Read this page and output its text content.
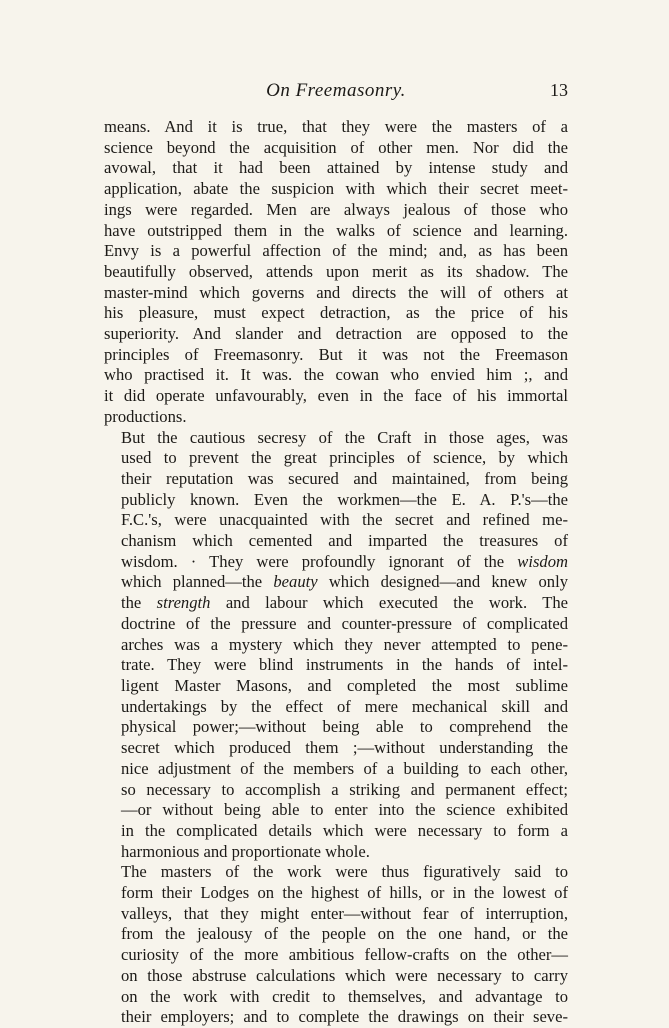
On Freemasonry.	13

means. And it is true, that they were the masters of a
science beyond the acquisition of other men. Nor did the
avowal, that it had been attained by intense study and
application, abate the suspicion with which their secret meet-
ings were regarded. Men are always jealous of those who
have outstripped them in the walks of science and learning.
Envy is a powerful affection of the mind; and, as has been
beautifully observed, attends upon merit as its shadow. The
master-mind which governs and directs the will of others at
his pleasure, must expect detraction, as the price of his
superiority. And slander and detraction are opposed to the
principles of Freemasonry. But it was not the Freemason
who practised it. It was. the cowan who envied him ;, and
it did operate unfavourably, even in the face of his immortal
productions.

But the cautious secresy of the Craft in those ages, was
used to prevent the great principles of science, by which
their reputation was secured and maintained, from being
publicly known. Even the workmen—the E. A. P.'s—the
F.C.'s, were unacquainted with the secret and refined me-
chanism which cemented and imparted the treasures of
wisdom. · They were profoundly ignorant of the wisdom
which planned—the beauty which designed—and knew only
the strength and labour which executed the work. The
doctrine of the pressure and counter-pressure of complicated
arches was a mystery which they never attempted to pene-
trate. They were blind instruments in the hands of intel-
ligent Master Masons, and completed the most sublime
undertakings by the effect of mere mechanical skill and
physical power;—without being able to comprehend the
secret which produced them ;—without understanding the
nice adjustment of the members of a building to each other,
so necessary to accomplish a striking and permanent effect;
—or without being able to enter into the science exhibited
in the complicated details which were necessary to form a
harmonious and proportionate whole.

The masters of the work were thus figuratively said to
form their Lodges on the highest of hills, or in the lowest of
valleys, that they might enter—without fear of interruption,
from the jealousy of the people on the one hand, or the
curiosity of the more ambitious fellow-crafts on the other—
on those abstruse calculations which were necessary to carry
on the work with credit to themselves, and advantage to
their employers; and to complete the drawings on their seve-
